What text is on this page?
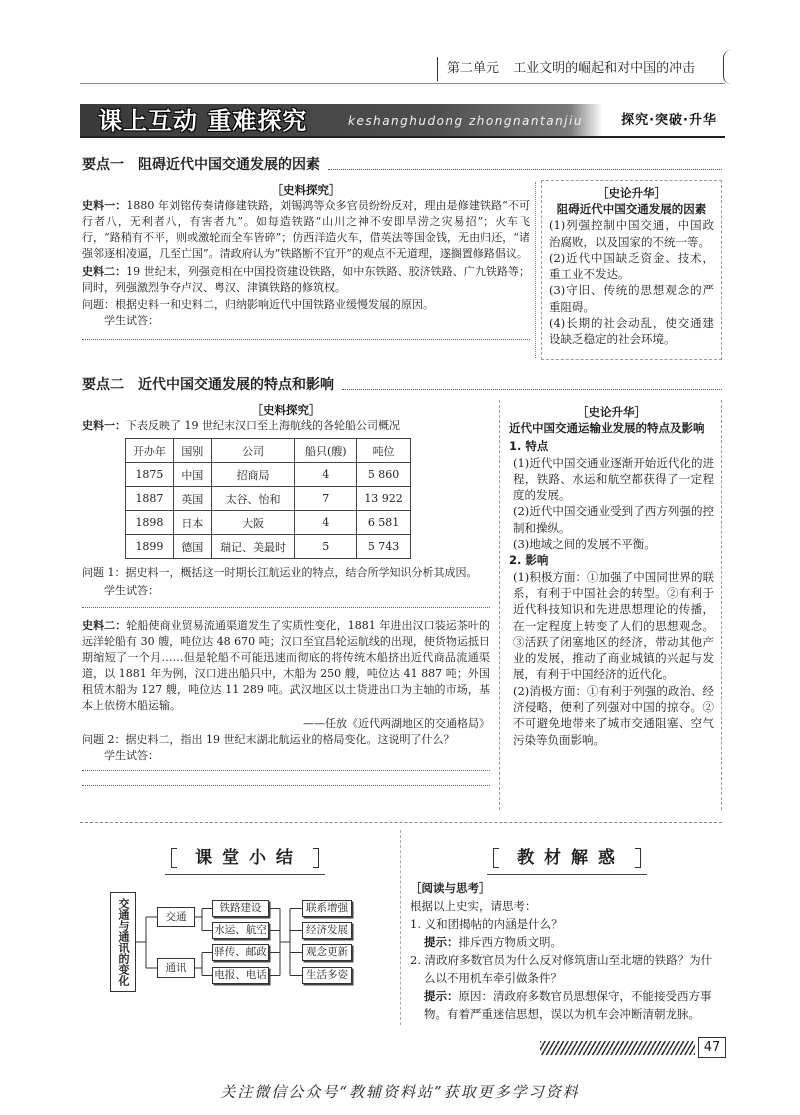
第二单元 工业文明的崛起和对中国的冲击
课上互动 重难探究	keshanghudong zhongnantanjiu	探究·突破·升华
要点一　阻碍近代中国交通发展的因素
［史料探究］

史料一：1880 年刘铭传奏请修建铁路，刘锡鸿等众多官员纷纷反对，理由是修建铁路“不可行者八，无利者八，有害者九”。如每造铁路“山川之神不安即旱涝之灾易招”；火车飞行，“路稍有不平，则或激轮而全车皆碎”；仿西洋造火车，借英法等国金钱，无由归还，“诸强邻逐相凌逼，几至亡国”。清政府认为“铁路断不宜开”的观点不无道理，遂搁置修路倡议。

史料二：19 世纪末，列强竞相在中国投资建设铁路，如中东铁路、胶济铁路、广九铁路等；同时，列强激烈争夺卢汉、粤汉、津镇铁路的修筑权。

问题：根据史料一和史料二，归纳影响近代中国铁路业缓慢发展的原因。

学生试答：

［史论升华］
阻碍近代中国交通发展的因素

(1)列强控制中国交通，中国政治腐败，以及国家的不统一等。

(2)近代中国缺乏资金、技术，重工业不发达。

(3)守旧、传统的思想观念的严重阻碍。

(4)长期的社会动乱，使交通建设缺乏稳定的社会环境。

要点二　近代中国交通发展的特点和影响
［史料探究］

史料一：下表反映了 19 世纪末汉口至上海航线的各轮船公司概况

开办年	国别	公司	船只(艘)	吨位
1875	中国	招商局	4	5 860
1887	英国	太谷、怡和	7	13 922
1898	日本	大阪	4	6 581
1899	德国	瑞记、美最时	5	5 743

问题 1：据史料一，概括这一时期长江航运业的特点，结合所学知识分析其成因。

学生试答：

史料二：轮船使商业贸易流通渠道发生了实质性变化，1881 年进出汉口装运茶叶的远洋轮船有 30 艘，吨位达 48 670 吨；汉口至宜昌轮运航线的出现，使货物运抵日期缩短了一个月……但是轮船不可能迅速而彻底的将传统木船挤出近代商品流通渠道，以 1881 年为例，汉口进出船只中，木船为 250 艘，吨位达 41 887 吨；外国租赁木船为 127 艘，吨位达 11 289 吨。武汉地区以土货进出口为主轴的市场，基本上依傍木船运输。

——任放《近代两湖地区的交通格局》

问题 2：据史料二，指出 19 世纪末湖北航运业的格局变化。这说明了什么？

学生试答：

［史论升华］
近代中国交通运输业发展的特点及影响
1. 特点

(1)近代中国交通业逐渐开始近代化的进程，铁路、水运和航空都获得了一定程度的发展。

(2)近代中国交通业受到了西方列强的控制和操纵。

(3)地域之间的发展不平衡。

2. 影响

(1)积极方面：①加强了中国同世界的联系，有利于中国社会的转型。②有利于近代科技知识和先进思想理论的传播，在一定程度上转变了人们的思想观念。③活跃了闭塞地区的经济，带动其他产业的发展，推动了商业城镇的兴起与发展，有利于中国经济的近代化。

(2)消极方面：①有利于列强的政治、经济侵略，便利了列强对中国的掠夺。②不可避免地带来了城市交通阻塞、空气污染等负面影响。

课 堂 小 结
交通与通讯的变化	交通
通讯
铁路建设
水运、航空
驿传、邮政
电报、电话
联系增强
经济发展
观念更新
生活多姿
教 材 解 惑
［阅读与思考］
根据以上史实，请思考：
1. 义和团揭帖的内涵是什么？
提示：排斥西方物质文明。
2. 清政府多数官员为什么反对修筑唐山至北塘的铁路？为什么以不用机车牵引做条件？
提示：原因：清政府多数官员思想保守，不能接受西方事物。有着严重迷信思想，误以为机车会冲断清朝龙脉。
47
关注微信公众号“教辅资料站”获取更多学习资料
